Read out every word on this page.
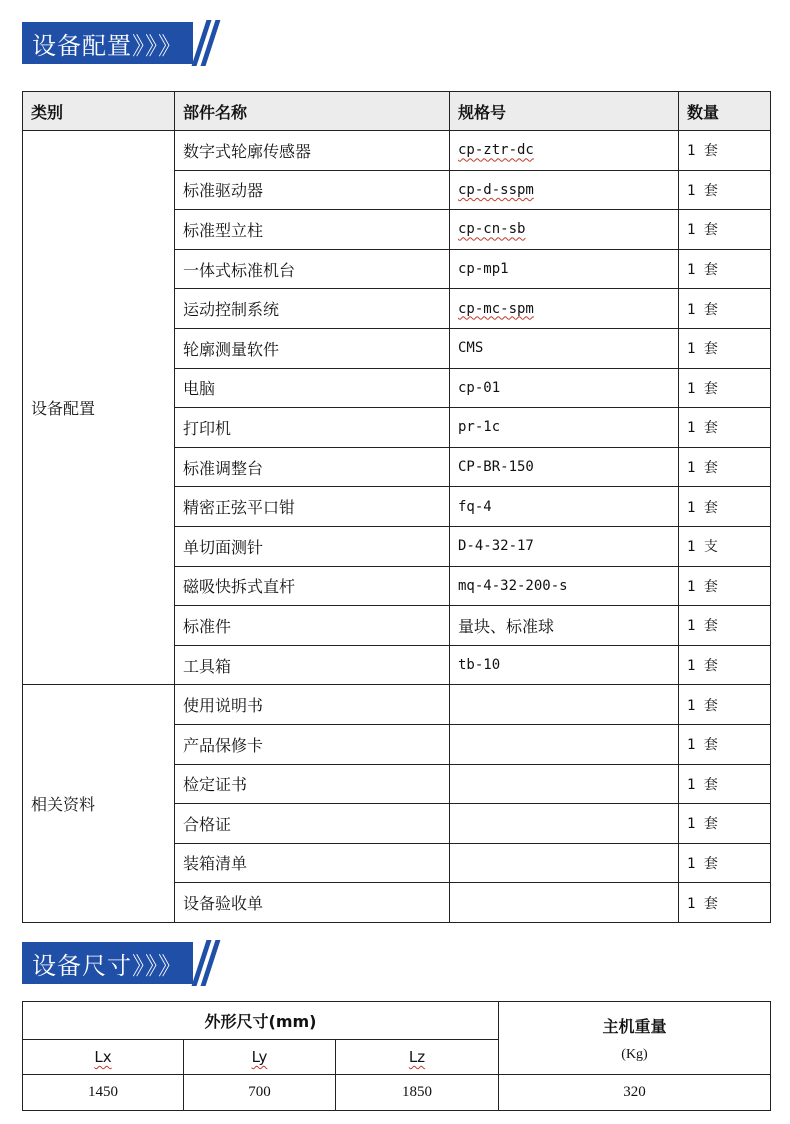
设备配置》》》
类别	部件名称	规格号	数量
设备配置	数字式轮廓传感器	cp-ztr-dc	1 套
	标准驱动器	cp-d-sspm	1 套
	标准型立柱	cp-cn-sb	1 套
	一体式标准机台	cp-mp1	1 套
	运动控制系统	cp-mc-spm	1 套
	轮廓测量软件	CMS	1 套
	电脑	cp-01	1 套
	打印机	pr-1c	1 套
	标准调整台	CP-BR-150	1 套
	精密正弦平口钳	fq-4	1 套
	单切面测针	D-4-32-17	1 支
	磁吸快拆式直杆	mq-4-32-200-s	1 套
	标准件	量块、标准球	1 套
	工具箱	tb-10	1 套
相关资料	使用说明书		1 套
	产品保修卡		1 套
	检定证书		1 套
	合格证		1 套
	装箱清单		1 套
	设备验收单		1 套
设备尺寸》》》
外形尺寸(mm)			主机重量
(Kg)

Lx	Ly	Lz	
1450	700	1850	320
